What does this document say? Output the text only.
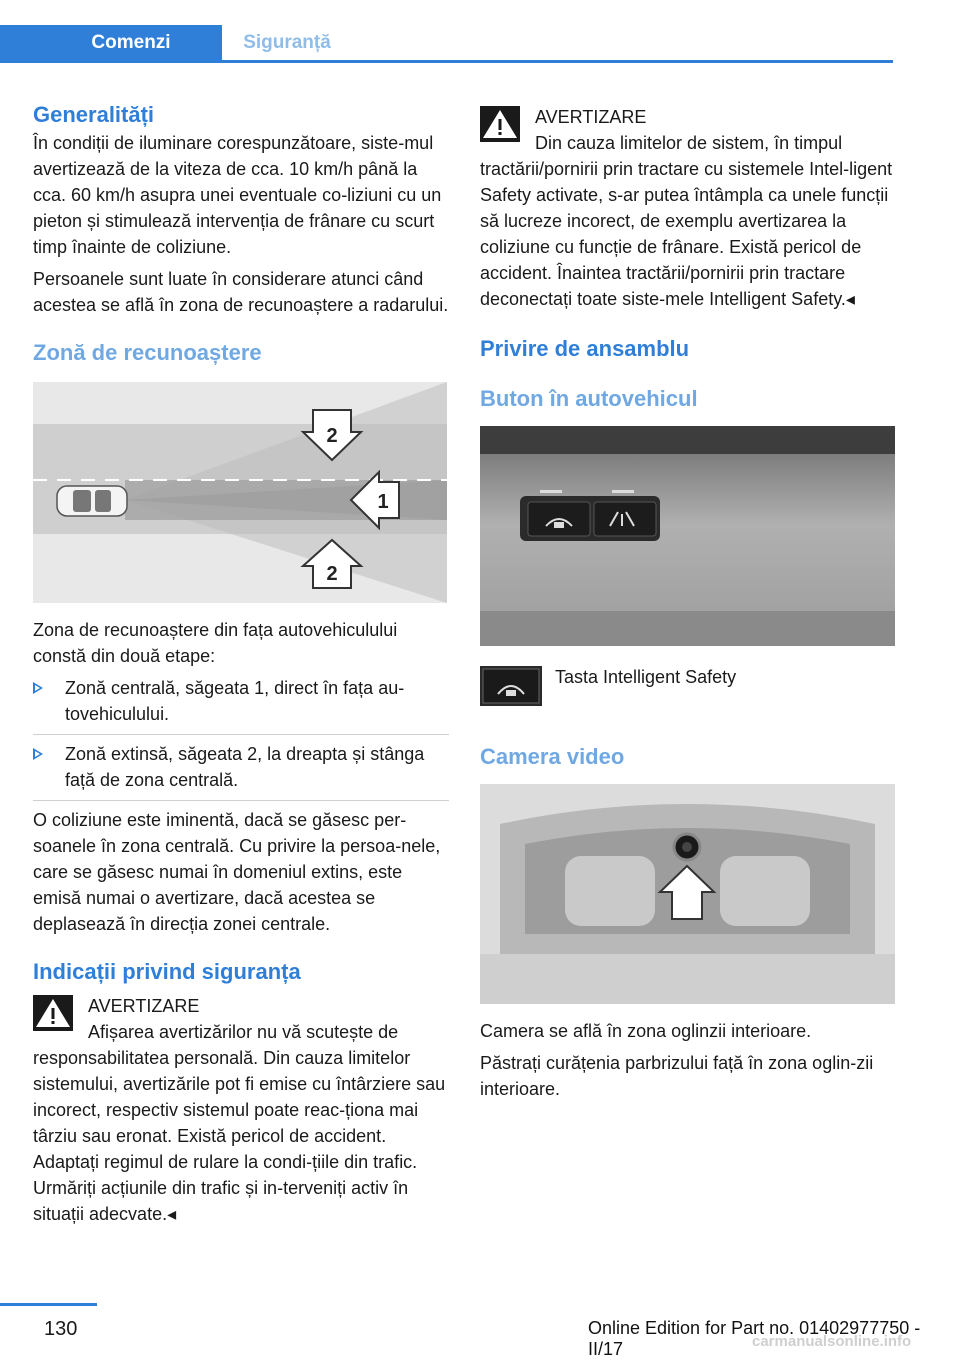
Comenzi	Siguranță
Generalități

În condiții de iluminare corespunzătoare, siste‐mul avertizează de la viteza de cca. 10 km/h până la cca. 60 km/h asupra unei eventuale co‐liziuni cu un pieton și stimulează intervenția de frânare cu scurt timp înainte de coliziune.

Persoanele sunt luate în considerare atunci când acestea se află în zona de recunoaștere a radarului.

Zonă de recunoaștere
2
1
2

Zona de recunoaștere din fața autovehiculului constă din două etape:

Zonă centrală, săgeata 1, direct în fața au‐tovehiculului.
Zonă extinsă, săgeata 2, la dreapta și stânga față de zona centrală.

O coliziune este iminentă, dacă se găsesc per‐soanele în zona centrală. Cu privire la persoa‐nele, care se găsesc numai în domeniul extins, este emisă numai o avertizare, dacă acestea se deplasează în direcția zonei centrale.

Indicații privind siguranța
AVERTIZARE
Afișarea avertizărilor nu vă scutește de responsabilitatea personală. Din cauza limitelor sistemului, avertizările pot fi emise cu întârziere sau incorect, respectiv sistemul poate reac‐ționa mai târziu sau eronat. Există pericol de accident. Adaptați regimul de rulare la condi‐țiile din trafic. Urmăriți acțiunile din trafic și in‐terveniți activ în situații adecvate.◂
AVERTIZARE
Din cauza limitelor de sistem, în timpul tractării/pornirii prin tractare cu sistemele Intel‐ligent Safety activate, s-ar putea întâmpla ca unele funcții să lucreze incorect, de exemplu avertizarea la coliziune cu funcție de frânare. Există pericol de accident. Înaintea tractării/pornirii prin tractare deconectați toate siste‐mele Intelligent Safety.◂
Privire de ansamblu
Buton în autovehicul
Tasta Intelligent Safety
Camera video

Camera se află în zona oglinzii interioare.

Păstrați curățenia parbrizului față în zona oglin‐zii interioare.

130	Online Edition for Part no. 01402977750 - II/17	carmanualsonline.info
